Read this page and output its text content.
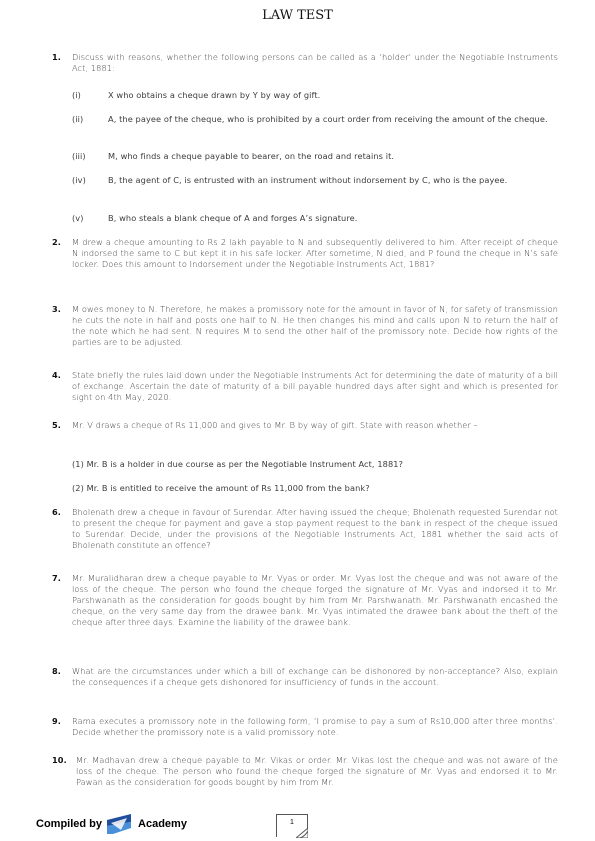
LAW TEST
1. Discuss with reasons, whether the following persons can be called as a ‘holder’ under the Negotiable Instruments Act, 1881:
(i)	X who obtains a cheque drawn by Y by way of gift.
(ii)	A, the payee of the cheque, who is prohibited by a court order from receiving the amount of the cheque.
(iii)	M, who finds a cheque payable to bearer, on the road and retains it.
(iv)	B, the agent of C, is entrusted with an instrument without indorsement by C, who is the payee.
(v)	B, who steals a blank cheque of A and forges A’s signature.
2. M drew a cheque amounting to Rs 2 lakh payable to N and subsequently delivered to him. After receipt of cheque N indorsed the same to C but kept it in his safe locker. After sometime, N died, and P found the cheque in N’s safe locker. Does this amount to Indorsement under the Negotiable Instruments Act, 1881?
3. M owes money to N. Therefore, he makes a promissory note for the amount in favor of N, for safety of transmission he cuts the note in half and posts one half to N. He then changes his mind and calls upon N to return the half of the note which he had sent. N requires M to send the other half of the promissory note. Decide how rights of the parties are to be adjusted.
4. State briefly the rules laid down under the Negotiable Instruments Act for determining the date of maturity of a bill of exchange. Ascertain the date of maturity of a bill payable hundred days after sight and which is presented for sight on 4th May, 2020.
5. Mr. V draws a cheque of Rs 11,000 and gives to Mr. B by way of gift. State with reason whether –
(1) Mr. B is a holder in due course as per the Negotiable Instrument Act, 1881?
(2) Mr. B is entitled to receive the amount of Rs 11,000 from the bank?
6. Bholenath drew a cheque in favour of Surendar. After having issued the cheque; Bholenath requested Surendar not to present the cheque for payment and gave a stop payment request to the bank in respect of the cheque issued to Surendar. Decide, under the provisions of the Negotiable Instruments Act, 1881 whether the said acts of Bholenath constitute an offence?
7. Mr. Muralidharan drew a cheque payable to Mr. Vyas or order. Mr. Vyas lost the cheque and was not aware of the loss of the cheque. The person who found the cheque forged the signature of Mr. Vyas and indorsed it to Mr. Parshwanath as the consideration for goods bought by him from Mr. Parshwanath. Mr. Parshwanath encashed the cheque, on the very same day from the drawee bank. Mr. Vyas intimated the drawee bank about the theft of the cheque after three days. Examine the liability of the drawee bank.
8. What are the circumstances under which a bill of exchange can be dishonored by non-acceptance? Also, explain the consequences if a cheque gets dishonored for insufficiency of funds in the account.
9. Rama executes a promissory note in the following form, ‘I promise to pay a sum of Rs10,000 after three months’. Decide whether the promissory note is a valid promissory note.
10. Mr. Madhavan drew a cheque payable to Mr. Vikas or order. Mr. Vikas lost the cheque and was not aware of the loss of the cheque. The person who found the cheque forged the signature of Mr. Vyas and endorsed it to Mr. Pawan as the consideration for goods bought by him from Mr.
Compiled by	Academy	1
